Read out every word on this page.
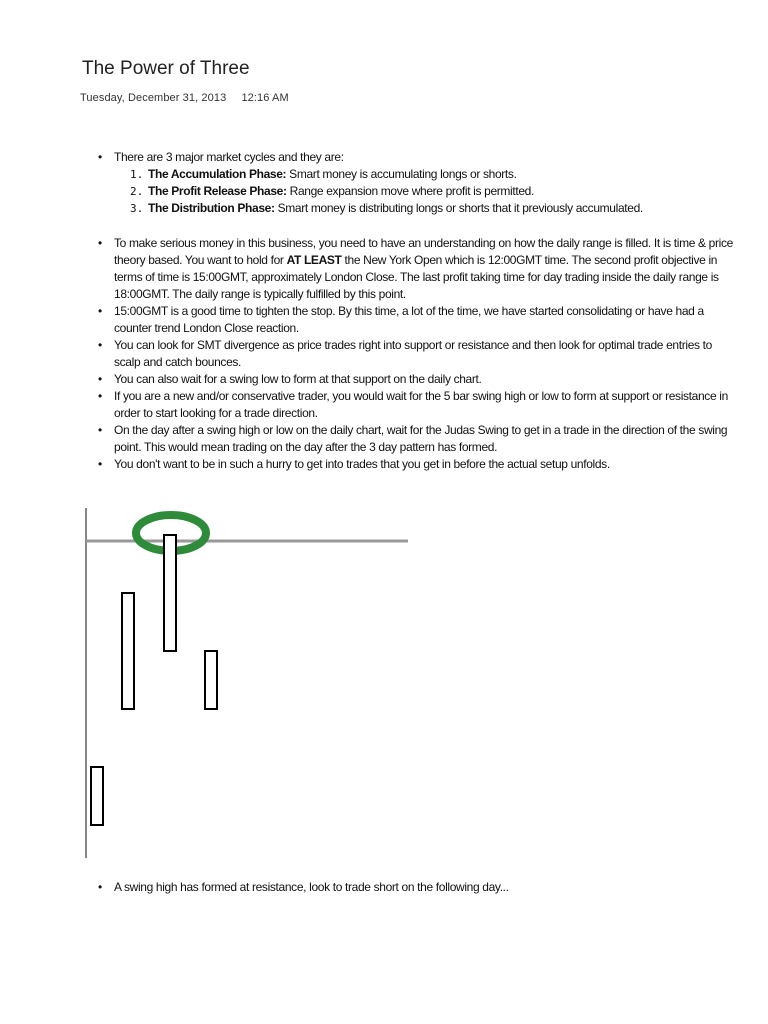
The Power of Three
Tuesday, December 31, 2013 12:16 AM
• There are 3 major market cycles and they are:
1. The Accumulation Phase: Smart money is accumulating longs or shorts.
2. The Profit Release Phase: Range expansion move where profit is permitted.
3. The Distribution Phase: Smart money is distributing longs or shorts that it previously accumulated.
• To make serious money in this business, you need to have an understanding on how the daily range is filled. It is time & price theory based. You want to hold for AT LEAST the New York Open which is 12:00GMT time. The second profit objective in terms of time is 15:00GMT, approximately London Close. The last profit taking time for day trading inside the daily range is 18:00GMT. The daily range is typically fulfilled by this point.
• 15:00GMT is a good time to tighten the stop. By this time, a lot of the time, we have started consolidating or have had a counter trend London Close reaction.
• You can look for SMT divergence as price trades right into support or resistance and then look for optimal trade entries to scalp and catch bounces.
• You can also wait for a swing low to form at that support on the daily chart.
• If you are a new and/or conservative trader, you would wait for the 5 bar swing high or low to form at support or resistance in order to start looking for a trade direction.
• On the day after a swing high or low on the daily chart, wait for the Judas Swing to get in a trade in the direction of the swing point. This would mean trading on the day after the 3 day pattern has formed.
• You don't want to be in such a hurry to get into trades that you get in before the actual setup unfolds.
• A swing high has formed at resistance, look to trade short on the following day...
